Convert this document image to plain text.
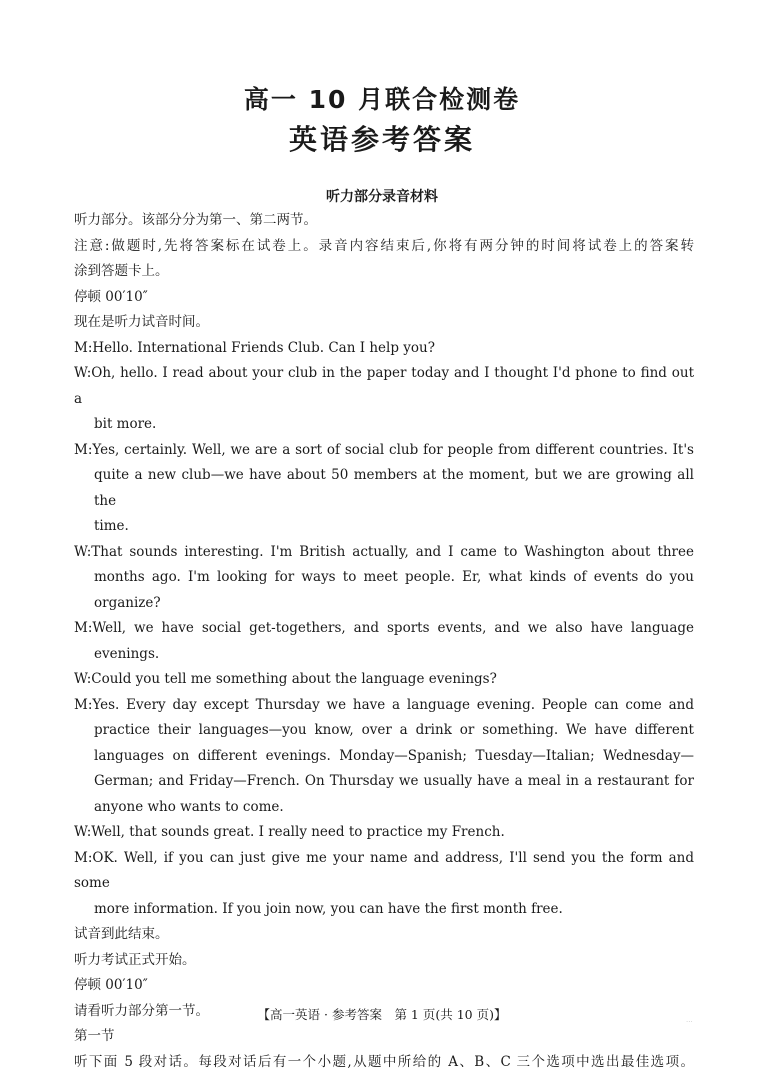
高一 10 月联合检测卷
英语参考答案
听力部分录音材料
听力部分。该部分分为第一、第二两节。
注意:做题时,先将答案标在试卷上。录音内容结束后,你将有两分钟的时间将试卷上的答案转
涂到答题卡上。
停顿 00′10″
现在是听力试音时间。
M:Hello. International Friends Club. Can I help you?
W:Oh, hello. I read about your club in the paper today and I thought I'd phone to find out a
bit more.
M:Yes, certainly. Well, we are a sort of social club for people from different countries. It's
quite a new club—we have about 50 members at the moment, but we are growing all the
time.
W:That sounds interesting. I'm British actually, and I came to Washington about three
months ago. I'm looking for ways to meet people. Er, what kinds of events do you
organize?
M:Well, we have social get-togethers, and sports events, and we also have language
evenings.
W:Could you tell me something about the language evenings?
M:Yes. Every day except Thursday we have a language evening. People can come and
practice their languages—you know, over a drink or something. We have different
languages on different evenings. Monday—Spanish; Tuesday—Italian; Wednesday—
German; and Friday—French. On Thursday we usually have a meal in a restaurant for
anyone who wants to come.
W:Well, that sounds great. I really need to practice my French.
M:OK. Well, if you can just give me your name and address, I'll send you the form and some
more information. If you join now, you can have the first month free.
试音到此结束。
听力考试正式开始。
停顿 00′10″
请看听力部分第一节。
第一节
听下面 5 段对话。每段对话后有一个小题,从题中所给的 A、B、C 三个选项中选出最佳选项。
【高一英语 · 参考答案　第 1 页(共 10 页)】	...
